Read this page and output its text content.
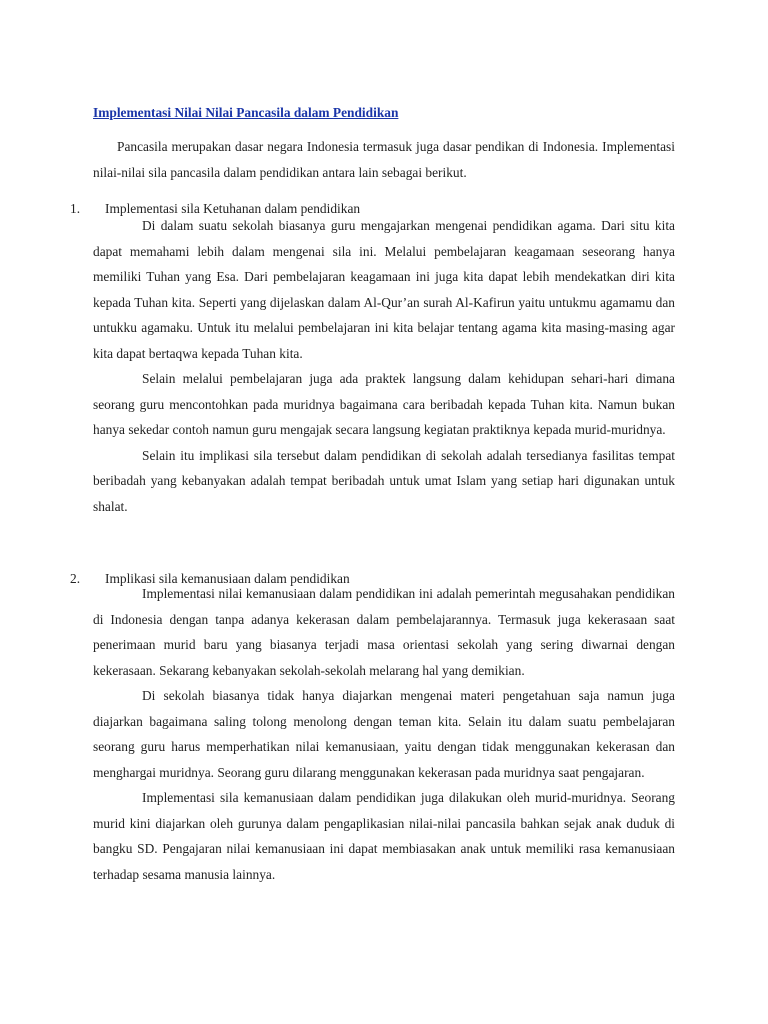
Implementasi Nilai Nilai Pancasila dalam Pendidikan

Pancasila merupakan dasar negara Indonesia termasuk juga dasar pendikan di Indonesia. Implementasi nilai-nilai sila pancasila dalam pendidikan antara lain sebagai berikut.

1. Implementasi sila Ketuhanan dalam pendidikan

Di dalam suatu sekolah biasanya guru mengajarkan mengenai pendidikan agama. Dari situ kita dapat memahami lebih dalam mengenai sila ini. Melalui pembelajaran keagamaan seseorang hanya memiliki Tuhan yang Esa. Dari pembelajaran keagamaan ini juga kita dapat lebih mendekatkan diri kita kepada Tuhan kita. Seperti yang dijelaskan dalam Al-Qur’an surah Al-Kafirun yaitu untukmu agamamu dan untukku agamaku. Untuk itu melalui pembelajaran ini kita belajar tentang agama kita masing-masing agar kita dapat bertaqwa kepada Tuhan kita.

Selain melalui pembelajaran juga ada praktek langsung dalam kehidupan sehari-hari dimana seorang guru mencontohkan pada muridnya bagaimana cara beribadah kepada Tuhan kita. Namun bukan hanya sekedar contoh namun guru mengajak secara langsung kegiatan praktiknya kepada murid-muridnya.

Selain itu implikasi sila tersebut dalam pendidikan di sekolah adalah tersedianya fasilitas tempat beribadah yang kebanyakan adalah tempat beribadah untuk umat Islam yang setiap hari digunakan untuk shalat.

2. Implikasi sila kemanusiaan dalam pendidikan

Implementasi nilai kemanusiaan dalam pendidikan ini adalah pemerintah megusahakan pendidikan di Indonesia dengan tanpa adanya kekerasan dalam pembelajarannya. Termasuk juga kekerasaan saat penerimaan murid baru yang biasanya terjadi masa orientasi sekolah yang sering diwarnai dengan kekerasaan. Sekarang kebanyakan sekolah-sekolah melarang hal yang demikian.

Di sekolah biasanya tidak hanya diajarkan mengenai materi pengetahuan saja namun juga diajarkan bagaimana saling tolong menolong dengan teman kita. Selain itu dalam suatu pembelajaran seorang guru harus memperhatikan nilai kemanusiaan, yaitu dengan tidak menggunakan kekerasan dan menghargai muridnya. Seorang guru dilarang menggunakan kekerasan pada muridnya saat pengajaran.

Implementasi sila kemanusiaan dalam pendidikan juga dilakukan oleh murid-muridnya. Seorang murid kini diajarkan oleh gurunya dalam pengaplikasian nilai-nilai pancasila bahkan sejak anak duduk di bangku SD. Pengajaran nilai kemanusiaan ini dapat membiasakan anak untuk memiliki rasa kemanusiaan terhadap sesama manusia lainnya.
